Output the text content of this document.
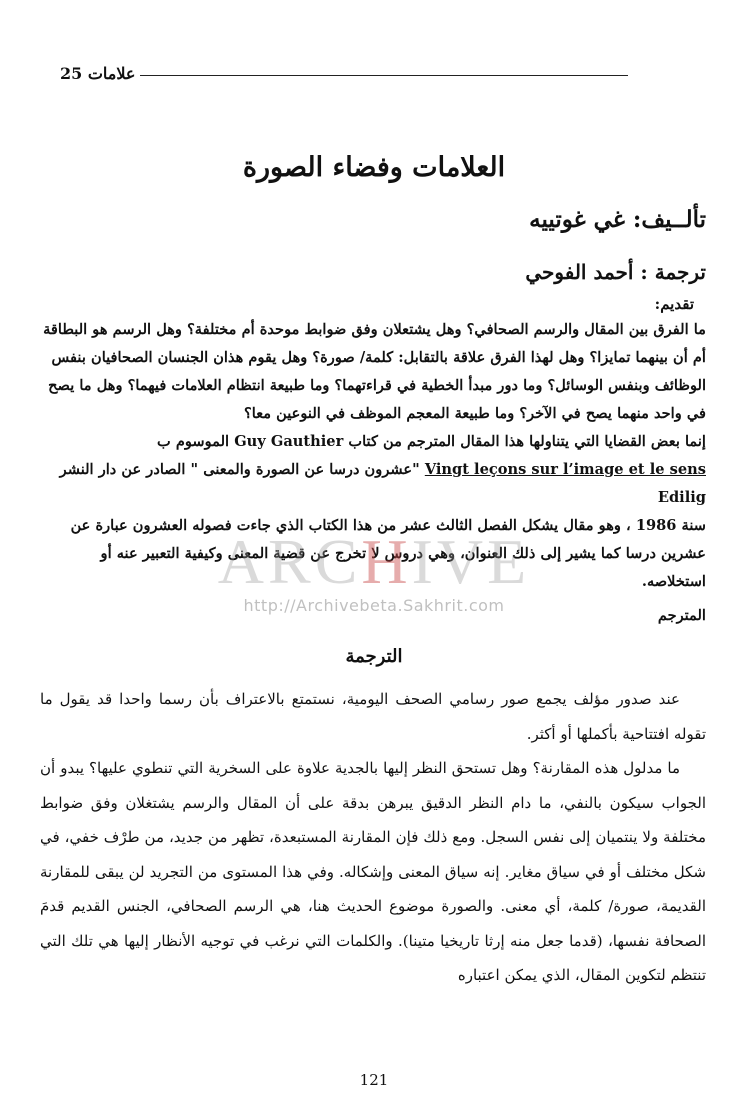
علامات 25
العلامات وفضاء الصورة
تألــيف: غي غوتييه
ترجمة : أحمد الفوحي
تقديم:

ما الفرق بين المقال والرسم الصحافي؟ وهل يشتعلان وفق ضوابط موحدة أم مختلفة؟ وهل الرسم هو البطاقة أم أن بينهما تمايزا؟ وهل لهذا الفرق علاقة بالتقابل: كلمة/ صورة؟ وهل يقوم هذان الجنسان الصحافيان بنفس الوظائف وبنفس الوسائل؟ وما دور مبدأ الخطية في قراءتهما؟ وما طبيعة انتظام العلامات فيهما؟ وهل ما يصح في واحد منهما يصح في الآخر؟ وما طبيعة المعجم الموظف في النوعين معا؟

إنما بعض القضايا التي يتناولها هذا المقال المترجم من كتاب Guy Gauthier الموسوم ب

Vingt leçons sur l’image et le sens "عشرون درسا عن الصورة والمعنى " الصادر عن دار النشر Edilig

سنة 1986 ، وهو مقال يشكل الفصل الثالث عشر من هذا الكتاب الذي جاءت فصوله العشرون عبارة عن عشرين درسا كما يشير إلى ذلك العنوان، وهي دروس لا تخرج عن قضية المعنى وكيفية التعبير عنه أو استخلاصه.

المترجم

ARCHIVE
http://Archivebeta.Sakhrit.com
الترجمة

عند صدور مؤلف يجمع صور رسامي الصحف اليومية، نستمتع بالاعتراف بأن رسما واحدا قد يقول ما تقوله افتتاحية بأكملها أو أكثر.

ما مدلول هذه المقارنة؟ وهل تستحق النظر إليها بالجدية علاوة على السخرية التي تنطوي عليها؟ يبدو أن الجواب سيكون بالنفي، ما دام النظر الدقيق يبرهن بدقة على أن المقال والرسم يشتغلان وفق ضوابط مختلفة ولا ينتميان إلى نفس السجل. ومع ذلك فإن المقارنة المستبعدة، تظهر من جديد، من طرْف خفي، في شكل مختلف أو في سياق مغاير. إنه سياق المعنى وإشكاله. وفي هذا المستوى من التجريد لن يبقى للمقارنة القديمة، صورة/ كلمة، أي معنى. والصورة موضوع الحديث هنا، هي الرسم الصحافي، الجنس القديم قدمَ الصحافة نفسها، (قدما جعل منه إرثا تاريخيا متينا). والكلمات التي نرغب في توجيه الأنظار إليها هي تلك التي تنتظم لتكوين المقال، الذي يمكن اعتباره

121
